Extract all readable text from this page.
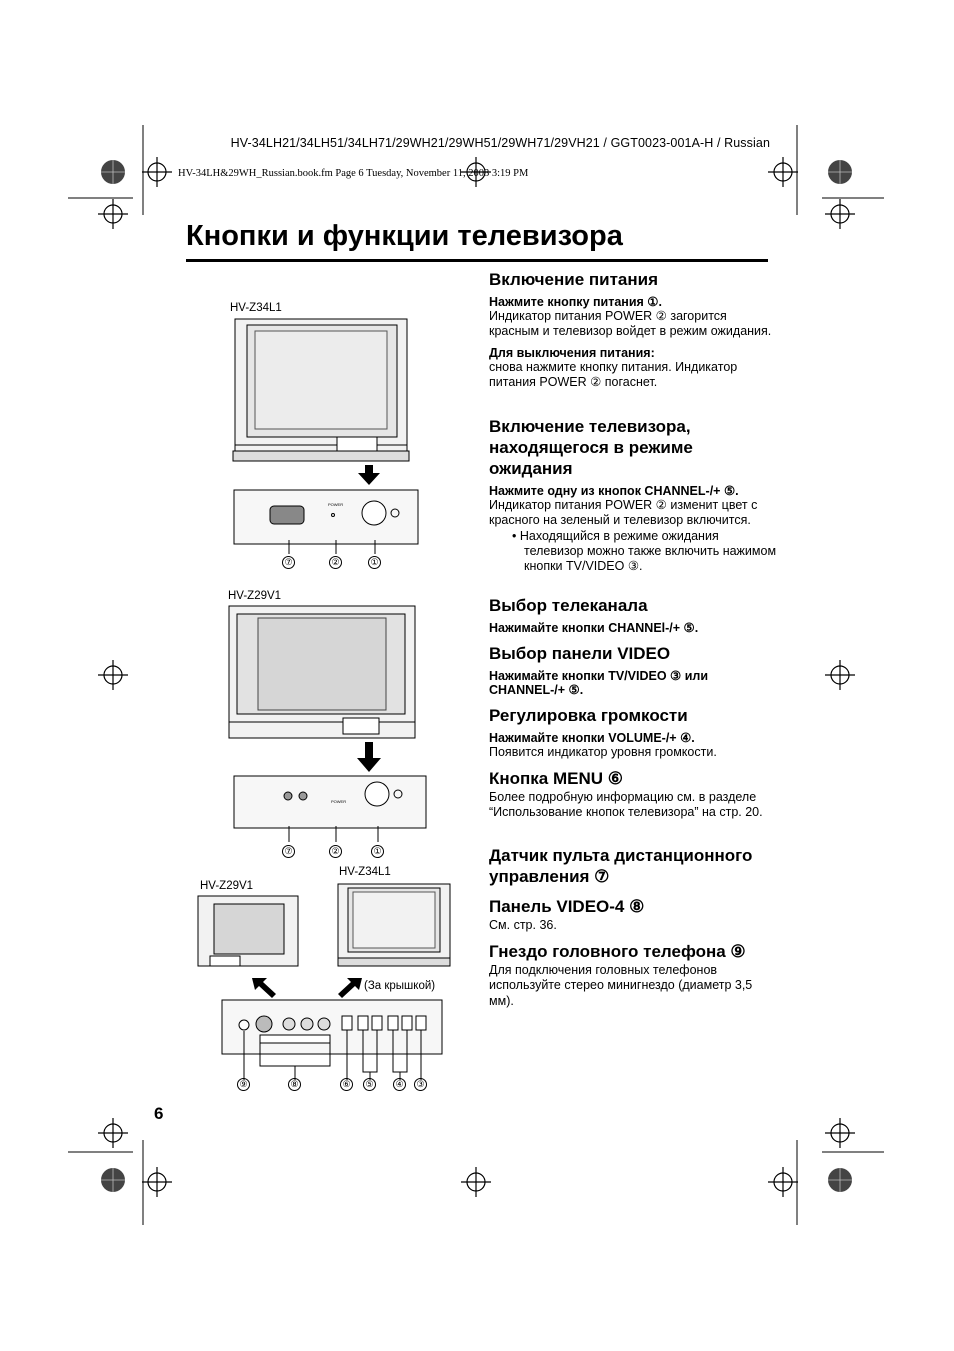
HV-34LH21/34LH51/34LH71/29WH21/29WH51/29WH71/29VH21 / GGT0023-001A-H / Russian
HV-34LH&29WH_Russian.book.fm Page 6 Tuesday, November 11, 2003 3:19 PM
Кнопки и функции телевизора
HV-Z34L1
POWER
⑦	②	①
HV-Z29V1
POWER
⑦	②	①
HV-Z29V1
HV-Z34L1
(За крышкой)
⑨	⑧	⑥ ⑤ ④ ③
Включение питания
Нажмите кнопку питания ①.
Индикатор питания POWER ② загорится красным и телевизор войдет в режим ожидания.
Для выключения питания:
снова нажмите кнопку питания. Индикатор питания POWER ② погаснет.
Включение телевизора, находящегося в режиме ожидания
Нажмите одну из кнопок CHANNEL-/+ ⑤.
Индикатор питания POWER ② изменит цвет с красного на зеленый и телевизор включится.
• Находящийся в режиме ожидания телевизор можно также включить нажимом кнопки TV/VIDEO ③.
Выбор телеканала
Нажимайте кнопки CHANNEl-/+ ⑤.
Выбор панели VIDEO
Нажимайте кнопки TV/VIDEO ③ или CHANNEL-/+ ⑤.
Регулировка громкости
Нажимайте кнопки VOLUME-/+ ④.
Появится индикатор уровня громкости.
Кнопка MENU ⑥
Более подробную информацию см. в разделе “Использование кнопок телевизора” на стр. 20.
Датчик пульта дистанционного управления ⑦
Панель VIDEO-4 ⑧
См. стр. 36.
Гнездо головного телефона ⑨
Для подключения головных телефонов используйте стерео минигнездо (диаметр 3,5 мм).
6
